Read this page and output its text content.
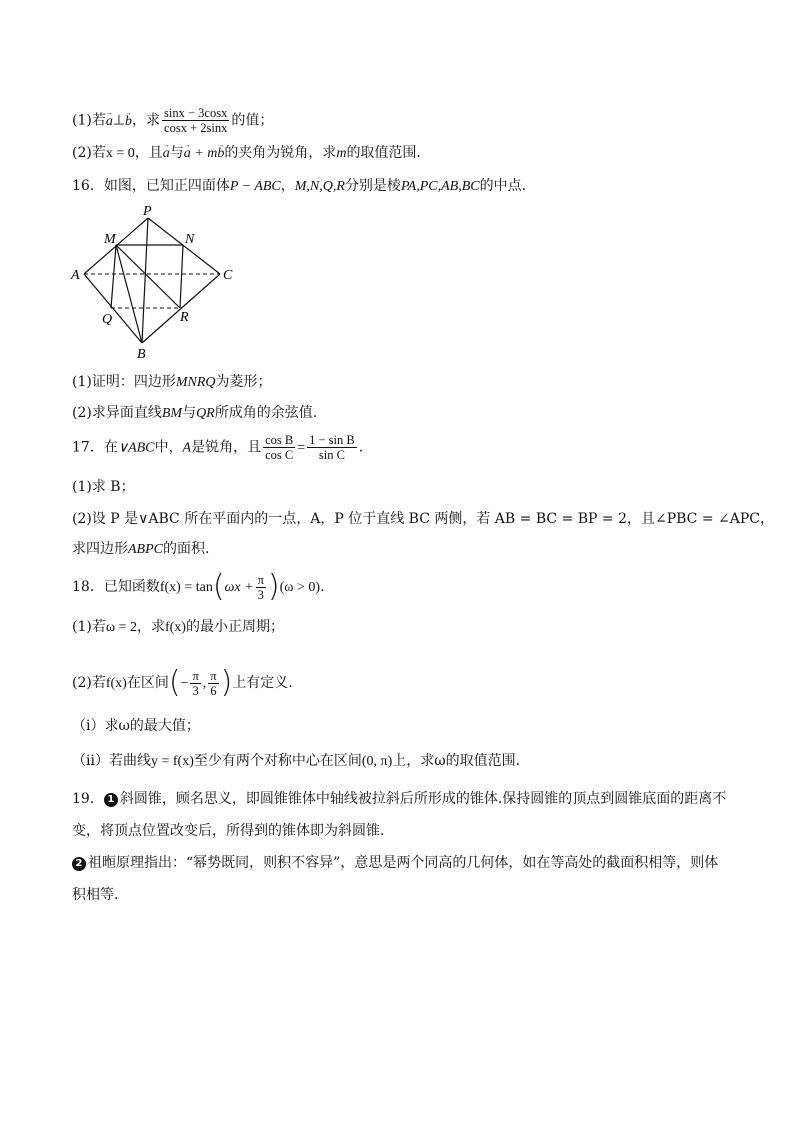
(1)若→ a⊥→ b，求 $\frac{\sin x - 3\cos x}{\cos x + 2\sin x}$ 的值；
(2)若x = 0，且→ a与→ a + m→ b的夹角为锐角，求m的取值范围.
16．如图，已知正四面体P − ABC，M,N,Q,R分别是棱PA,PC,AB,BC的中点.
P
M	N
A	C
Q	R
B
(1)证明：四边形MNRQ为菱形；
(2)求异面直线BM与QR所成角的余弦值.
17．在∨ABC中，A是锐角，且 $\frac{\text{cos B}}{\text{cos C}} = \frac{\text{1 − sin B}}{\text{sin C}}$ .
(1)求 B；
(2)设 P 是∨ABC 所在平面内的一点，A，P 位于直线 BC 两侧，若 AB = BC = BP = 2，且∠PBC = ∠APC，
求四边形ABPC的面积.
18．已知函数$f(x) = \tan(\omega x + \frac{\pi}{3} )(\omega > 0)$.
(1)若ω = 2，求f(x)的最小正周期；
(2)若f(x)在区间(− $\frac{\pi}{3}$ , $\frac{\pi}{6}$ )上有定义.
（i）求ω的最大值；
（ii）若曲线y = f(x)至少有两个对称中心在区间(0, π)上，求ω的取值范围.
19． 1 斜圆锥，顾名思义，即圆锥锥体中轴线被拉斜后所形成的锥体.保持圆锥的顶点到圆锥底面的距离不
变，将顶点位置改变后，所得到的锥体即为斜圆锥.
2 祖暅原理指出：“幂势既同，则积不容异”，意思是两个同高的几何体，如在等高处的截面积相等，则体
积相等.
